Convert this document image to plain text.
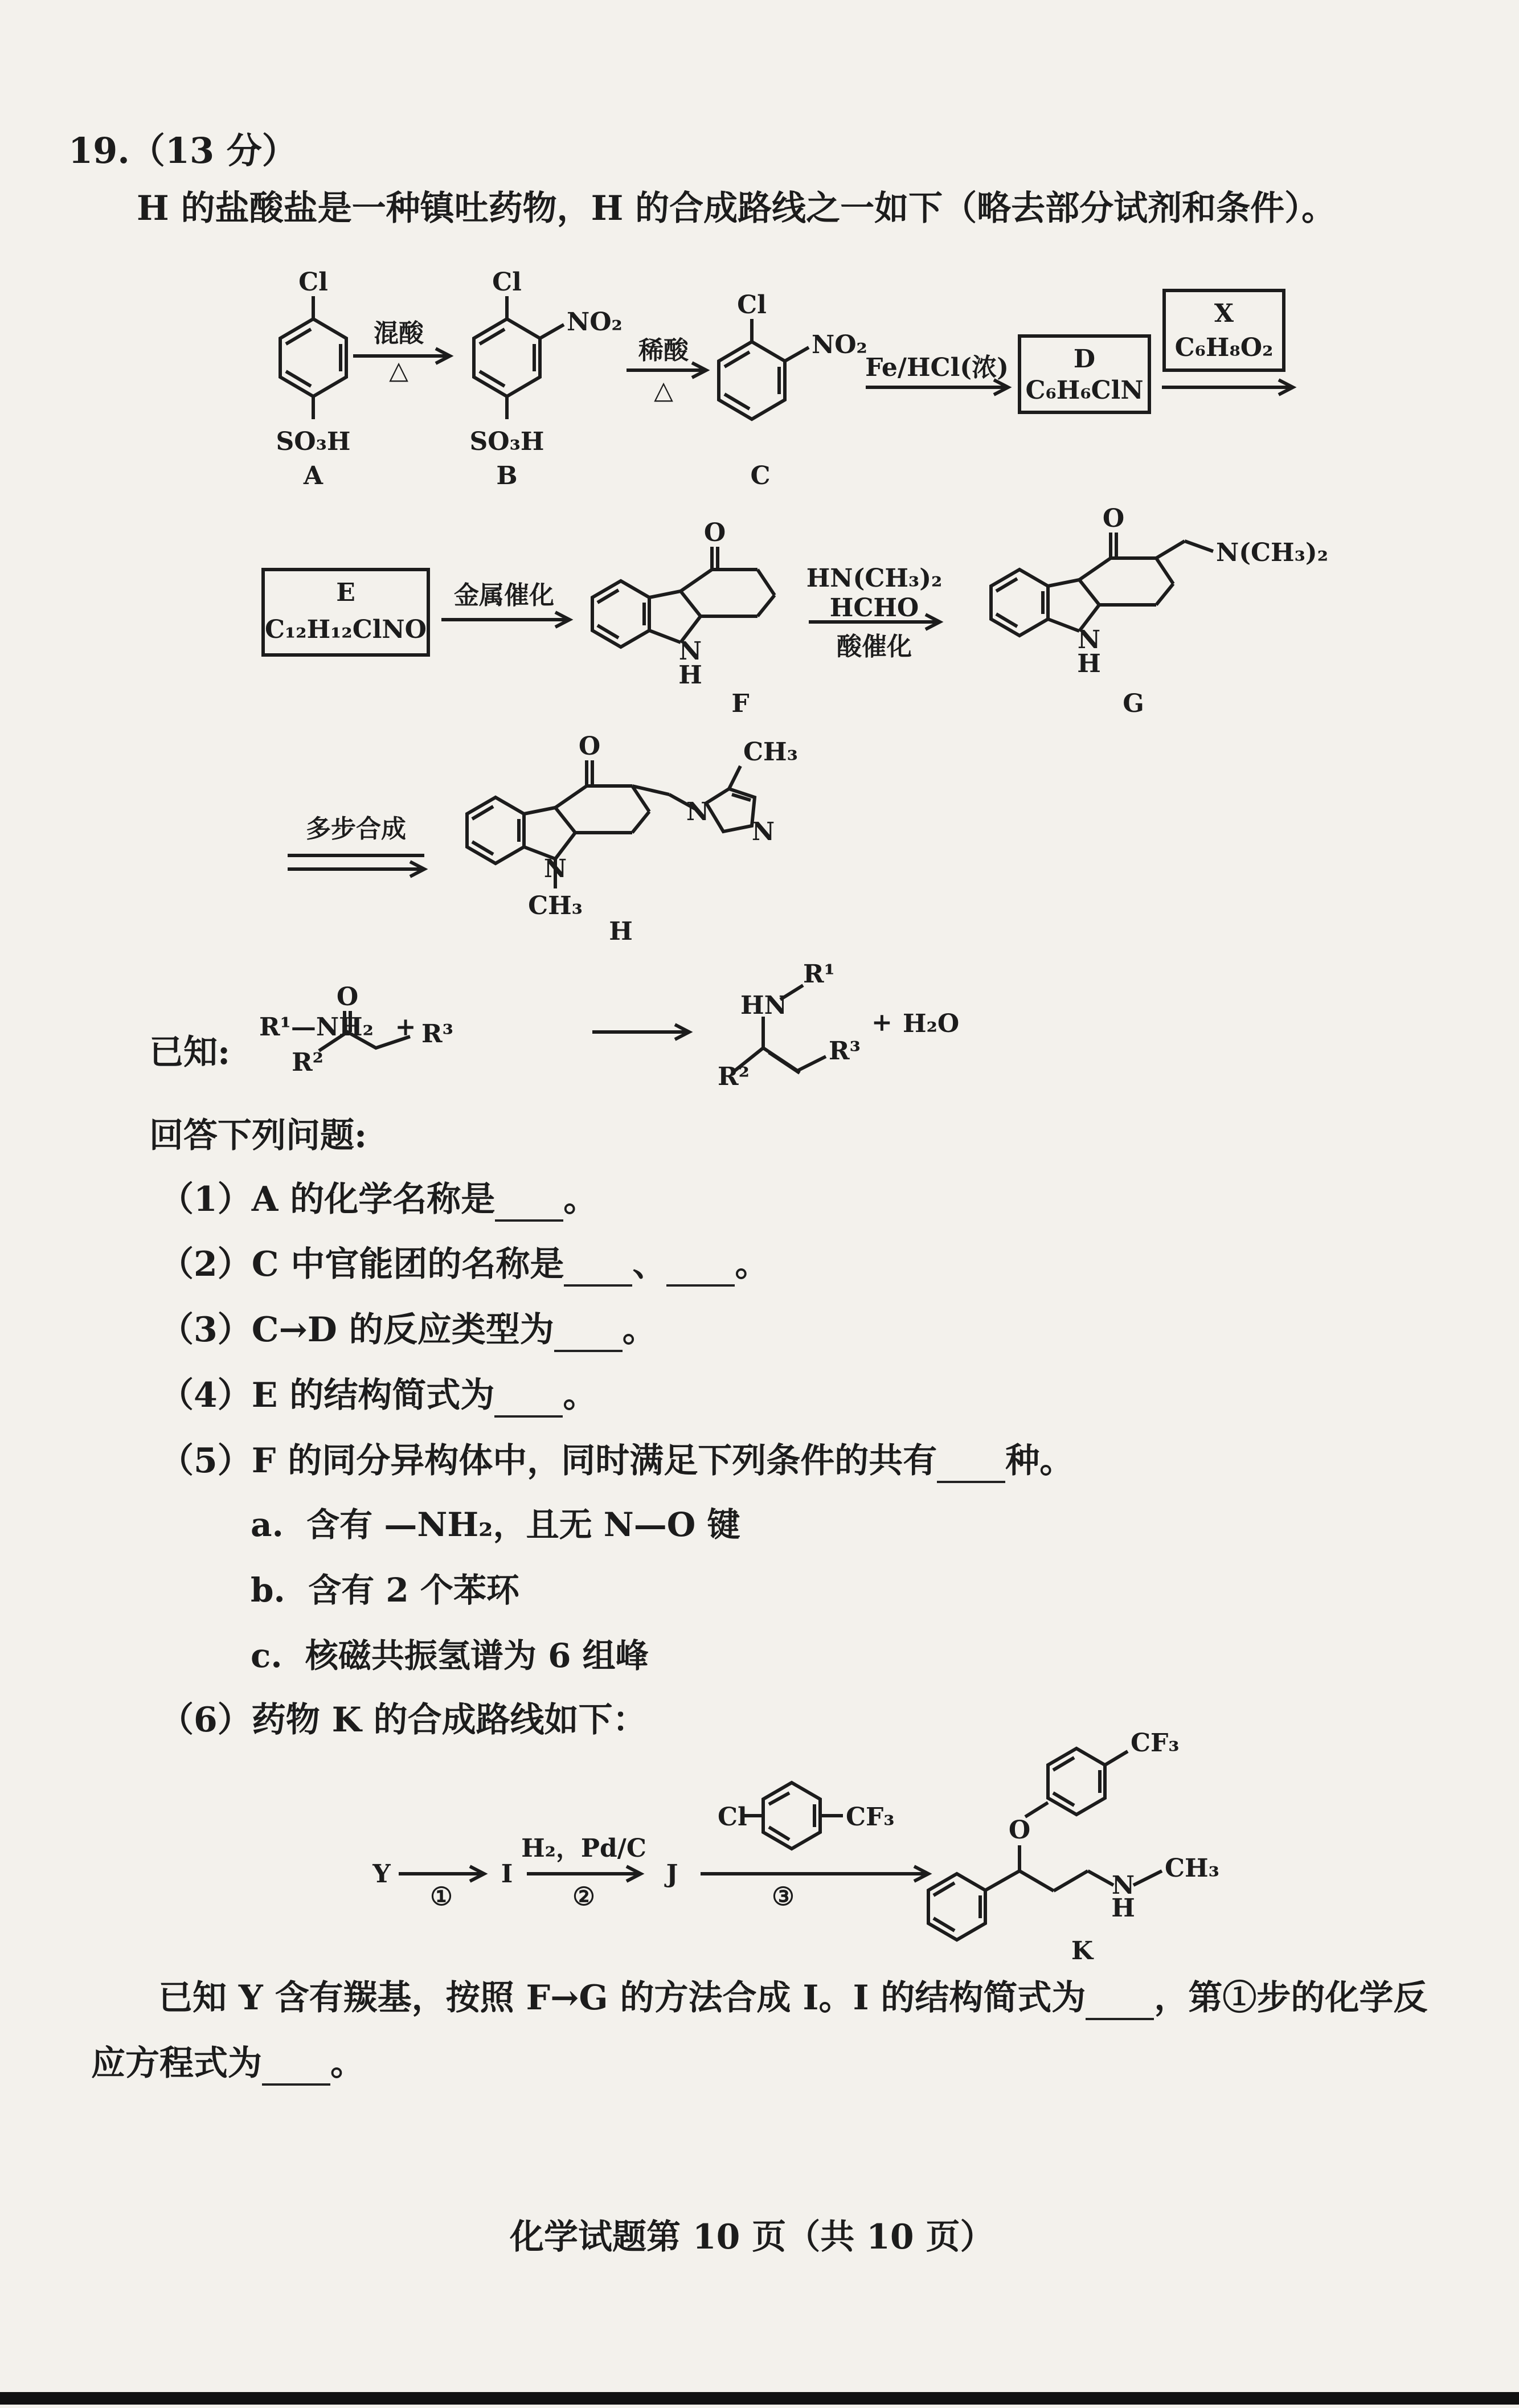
19.（13 分）
H 的盐酸盐是一种镇吐药物，H 的合成路线之一如下（略去部分试剂和条件）。
Cl
SO₃H
A
Cl
NO₂
SO₃H
B
Cl
NO₂
C
混酸
△
稀酸
△
Fe/HCl(浓)	D
C₆H₆ClN
X
C₆H₈O₂
E
C₁₂H₁₂ClNO
金属催化
O
N
H
F
HN(CH₃)₂
HCHO
酸催化
O
N(CH₃)₂
N
H
G
多步合成
O
N
CH₃
N
N
CH₃
H
R¹—NH₂ +
O
R²
R³
HN
R¹
R²
R³
+ H₂O
Y
①
I
H₂，Pd/C
②
J
Cl	CF₃
③
CF₃
O
N
H
CH₃
K
已知:
回答下列问题:
（1）A 的化学名称是 。
（2）C 中官能团的名称是 、 。
（3）C→D 的反应类型为 。
（4）E 的结构简式为 。
（5）F 的同分异构体中，同时满足下列条件的共有 种。
a. 含有 —NH₂，且无 N—O 键
b. 含有 2 个苯环
c. 核磁共振氢谱为 6 组峰
（6）药物 K 的合成路线如下：
已知 Y 含有羰基，按照 F→G 的方法合成 I。I 的结构简式为 ，第①步的化学反
应方程式为 。
化学试题第 10 页（共 10 页）
